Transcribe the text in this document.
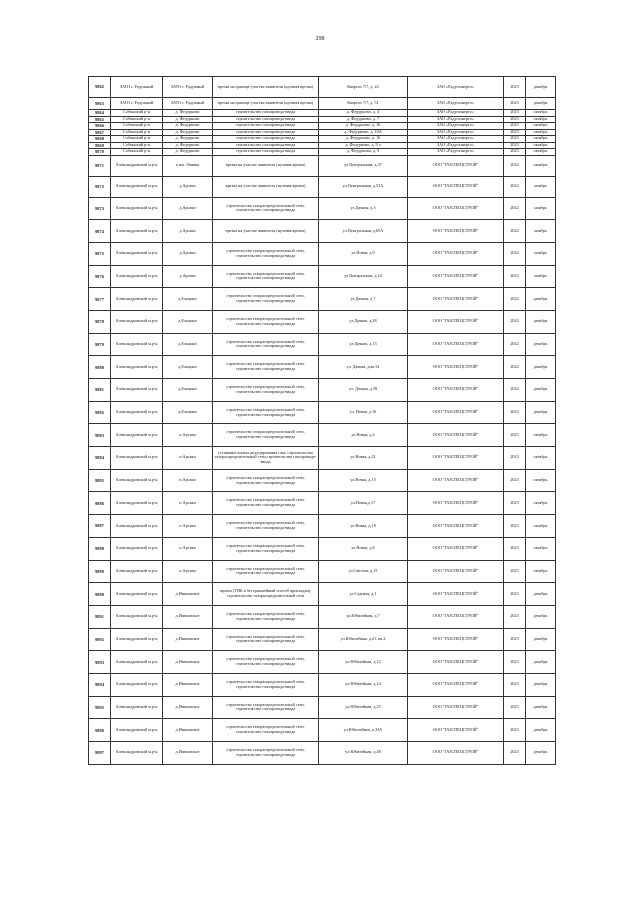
298
9862	ЗАТО г. Радужный	ЗАТО г. Радужный	врезка на границе участка заявителя (нулевая врезка)	Квартал 7/7, д. 22	ЗАО «Радугаэнерго»	2023	декабрь
9863	ЗАТО г. Радужный	ЗАТО г. Радужный	врезка на границе участка заявителя (нулевая врезка)	Квартал 7/7, д. 51	ЗАО «Радугаэнерго»	2023	декабрь
9864	Собинский р-н	д. Федурново	строительство газопровода-ввода	д. Федурново, д. 4	ЗАО «Радугаэнерго»	2023	октябрь
9865	Собинский р-н	д. Федурново	строительство газопровода-ввода	д. Федурново, д. 7	ЗАО «Радугаэнерго»	2023	октябрь
9866	Собинский р-н	д. Федурново	строительство газопровода-ввода	д. Федурново, д. 16	ЗАО «Радугаэнерго»	2023	октябрь
9867	Собинский р-н	д. Федурново	строительство газопровода-ввода	д. Федурново, д. 10А	ЗАО «Радугаэнерго»	2023	октябрь
9868	Собинский р-н	д. Федурново	строительство газопровода-ввода	д. Федурново, д. 10	ЗАО «Радугаэнерго»	2023	октябрь
9869	Собинский р-н	д. Федурново	строительство газопровода-ввода	д. Федурново, д. 9 а	ЗАО «Радугаэнерго»	2023	октябрь
9870	Собинский р-н	д. Федурново	строительство газопровода-ввода	д. Федурново, д. 9	ЗАО «Радугаэнерго»	2023	октябрь
9871	Александровский м.р-н	п им. Ленина	врезка на участке заявителя (нулевая врезка)	ул.Центральная, д.37	ООО "ГАЗСПЕЦСТРОЙ"	2022	октябрь
9872	Александровский м.р-н	д.Арсаки	врезка на участке заявителя (нулевая врезка)	ул.Центральная, д.53А	ООО "ГАЗСПЕЦСТРОЙ"	2022	ноябрь
9873	Александровский м.р-н	д.Арсаки	строительство газораспределительной сети, строительство газопровода-ввода	ул.Дачная, д.3	ООО "ГАЗСПЕЦСТРОЙ"	2022	ноябрь
9874	Александровский м.р-н	д.Арсаки	врезка на участке заявителя (нулевая врезка)	ул.Центральная, д.65А	ООО "ГАЗСПЕЦСТРОЙ"	2022	ноябрь
9875	Александровский м.р-н	д.Арсаки	строительство газораспределительной сети, строительство газопровода-ввода	ул.Новая, д.9	ООО "ГАЗСПЕЦСТРОЙ"	2022	ноябрь
9876	Александровский м.р-н	д.Арсаки	строительство газораспределительной сети, строительство газопровода-ввода	ул.Центральная, д.14	ООО "ГАЗСПЕЦСТРОЙ"	2022	ноябрь
9877	Александровский м.р-н	д.Ельцино	строительство газораспределительной сети, строительство газопровода-ввода	ул.Дачная, д.7	ООО "ГАЗСПЕЦСТРОЙ"	2022	декабрь
9878	Александровский м.р-н	д.Ельцино	строительство газораспределительной сети, строительство газопровода-ввода	ул.Дачная, д.28	ООО "ГАЗСПЕЦСТРОЙ"	2022	декабрь
9879	Александровский м.р-н	д.Ельцино	строительство газораспределительной сети, строительство газопровода-ввода	ул.Дачная, д.13	ООО "ГАЗСПЕЦСТРОЙ"	2022	декабрь
9880	Александровский м.р-н	д.Ельцино	строительство газораспределительной сети, строительство газопровода-ввода	ул. Дачная, дом 54	ООО "ГАЗСПЕЦСТРОЙ"	2022	декабрь
9881	Александровский м.р-н	д.Ельцино	строительство газораспределительной сети, строительство газопровода-ввода	ул. Дачная, д.58	ООО "ГАЗСПЕЦСТРОЙ"	2022	декабрь
9882	Александровский м.р-н	д.Ельцино	строительство газораспределительной сети, строительство газопровода-ввода	ул. Новая, д.16	ООО "ГАЗСПЕЦСТРОЙ"	2022	декабрь
9883	Александровский м.р-н	п.Арсаки	строительство газораспределительной сети, строительство газопровода-ввода	ул.Новая, д.4	ООО "ГАЗСПЕЦСТРОЙ"	2023	октябрь
9884	Александровский м.р-н	п.Арсаки	установка пункта редуцирования газа, строительство газораспределительной сети,строительство газопровода-ввода	ул.Новая, д.21	ООО "ГАЗСПЕЦСТРОЙ"	2023	октябрь
9885	Александровский м.р-н	п.Арсаки	строительство газораспределительной сети, строительство газопровода-ввода	ул.Новая, д.15	ООО "ГАЗСПЕЦСТРОЙ"	2023	октябрь
9886	Александровский м.р-н	п.Арсаки	строительство газораспределительной сети, строительство газопровода-ввода	ул.Новая,д.17	ООО "ГАЗСПЕЦСТРОЙ"	2023	октябрь
9887	Александровский м.р-н	п.Арсаки	строительство газораспределительной сети, строительство газопровода-ввода	ул.Новая, д.18	ООО "ГАЗСПЕЦСТРОЙ"	2023	октябрь
9888	Александровский м.р-н	п.Арсаки	строительство газораспределительной сети, строительство газопровода-ввода	ул.Новая, д.8	ООО "ГАЗСПЕЦСТРОЙ"	2023	октябрь
9889	Александровский м.р-н	п.Арсаки	строительство газораспределительной сети, строительство газопровода-ввода	ул.Светлая, д.15	ООО "ГАЗСПЕЦСТРОЙ"	2023	октябрь
9890	Александровский м.р-н	д.Ивановское	прокол (ГНБ и бестраншейный способ прокладки), строительство газораспределительной сети	ул.Садовая, д.1	ООО "ГАЗСПЕЦСТРОЙ"	2023	декабрь
9891	Александровский м.р-н	д.Ивановское	строительство газораспределительной сети, строительство газопровода-ввода	ул.Юбилейная, д.7	ООО "ГАЗСПЕЦСТРОЙ"	2023	декабрь
9892	Александровский м.р-н	д.Ивановское	строительство газораспределительной сети, строительство газопровода-ввода	ул.Юбилейная, д.21, кв.2	ООО "ГАЗСПЕЦСТРОЙ"	2023	декабрь
9893	Александровский м.р-н	д.Ивановское	строительство газораспределительной сети, строительство газопровода-ввода	ул.Юбилейная, д.12	ООО "ГАЗСПЕЦСТРОЙ"	2023	декабрь
9894	Александровский м.р-н	д.Ивановское	строительство газораспределительной сети, строительство газопровода-ввода	ул.Юбилейная, д.14	ООО "ГАЗСПЕЦСТРОЙ"	2023	декабрь
9895	Александровский м.р-н	д.Ивановское	строительство газораспределительной сети, строительство газопровода-ввода	ул.Юбилейная, д.25	ООО "ГАЗСПЕЦСТРОЙ"	2023	декабрь
9896	Александровский м.р-н	д.Ивановское	строительство газораспределительной сети, строительство газопровода-ввода	ул.Юбилейная, д.35А	ООО "ГАЗСПЕЦСТРОЙ"	2023	декабрь
9897	Александровский м.р-н	д.Ивановское	строительство газораспределительной сети, строительство газопровода-ввода	ул.Юбилейная, д.48	ООО "ГАЗСПЕЦСТРОЙ"	2023	декабрь
